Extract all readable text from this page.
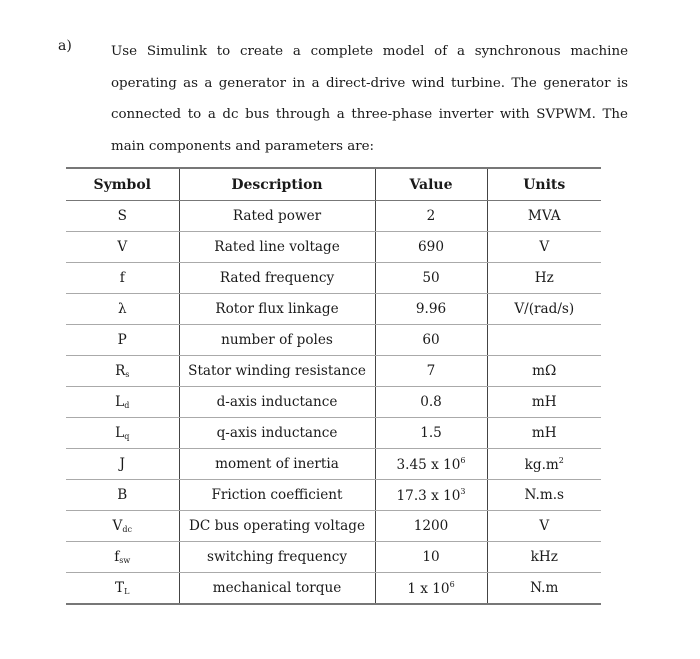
a)	Use Simulink to create a complete model of a synchronous machine operating as a generator in a direct-drive wind turbine. The generator is connected to a dc bus through a three-phase inverter with SVPWM. The main components and parameters are:
Symbol	Description	Value	Units
S	Rated power	2	MVA
V	Rated line voltage	690	V
f	Rated frequency	50	Hz
λ	Rotor flux linkage	9.96	V/(rad/s)
P	number of poles	60	
$R_s$	Stator winding resistance	7	mΩ
$L_d$	d-axis inductance	0.8	mH
$L_q$	q-axis inductance	1.5	mH
J	moment of inertia	3.45 x $10^6$	$kg.m^2$
B	Friction coefficient	17.3 x $10^3$	N.m.s
$V_{dc}$	DC bus operating voltage	1200	V
$f_{sw}$	switching frequency	10	kHz
$T_L$	mechanical torque	1 x $10^6$	N.m
